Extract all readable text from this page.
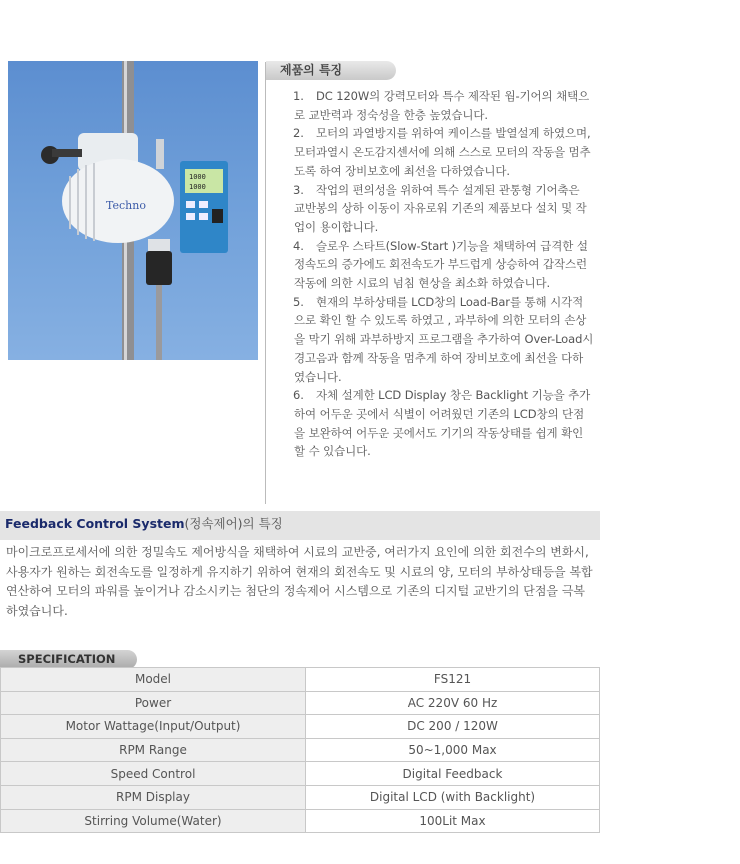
Techno
1000
1000
제품의 특징
1.	DC 120W의 강력모터와 특수 제작된 웜-기어의 채택으로 교반력과 정숙성을 한층 높였습니다.
2.	모터의 과열방지를 위하여 케이스를 발열설계 하였으며, 모터과열시 온도감지센서에 의해 스스로 모터의 작동을 멈추도록 하여 장비보호에 최선을 다하였습니다.
3.	작업의 편의성을 위하여 특수 설계된 관통형 기어축은 교반봉의 상하 이동이 자유로워 기존의 제품보다 설치 및 작업이 용이합니다.
4.	슬로우 스타트(Slow-Start )기능을 채택하여 급격한 설정속도의 증가에도 회전속도가 부드럽게 상승하여 갑작스런 작동에 의한 시료의 넘침 현상을 최소화 하였습니다.
5.	현재의 부하상태를 LCD창의 Load-Bar를 통해 시각적으로 확인 할 수 있도록 하였고 , 과부하에 의한 모터의 손상을 막기 위해 과부하방지 프로그램을 추가하여 Over-Load시 경고음과 함께 작동을 멈추게 하여 장비보호에 최선을 다하였습니다.
6.	자체 설계한 LCD Display 창은 Backlight 기능을 추가하여 어두운 곳에서 식별이 어려웠던 기존의 LCD창의 단점을 보완하여 어두운 곳에서도 기기의 작동상태를 쉽게 확인할 수 있습니다.
Feedback Control System(정속제어)의 특징
마이크로프로세서에 의한 정밀속도 제어방식을 채택하여 시료의 교반중, 여러가지 요인에 의한 회전수의 변화시, 사용자가 원하는 회전속도를 일정하게 유지하기 위하여 현재의 회전속도 및 시료의 양, 모터의 부하상태등을 복합 연산하여 모터의 파워를 높이거나 감소시키는 첨단의 정속제어 시스템으로 기존의 디지털 교반기의 단점을 극복 하였습니다.
SPECIFICATION
Model	FS121
Power	AC 220V 60 Hz
Motor Wattage(Input/Output)	DC 200 / 120W
RPM Range	50~1,000 Max
Speed Control	Digital Feedback
RPM Display	Digital LCD (with Backlight)
Stirring Volume(Water)	100Lit Max
